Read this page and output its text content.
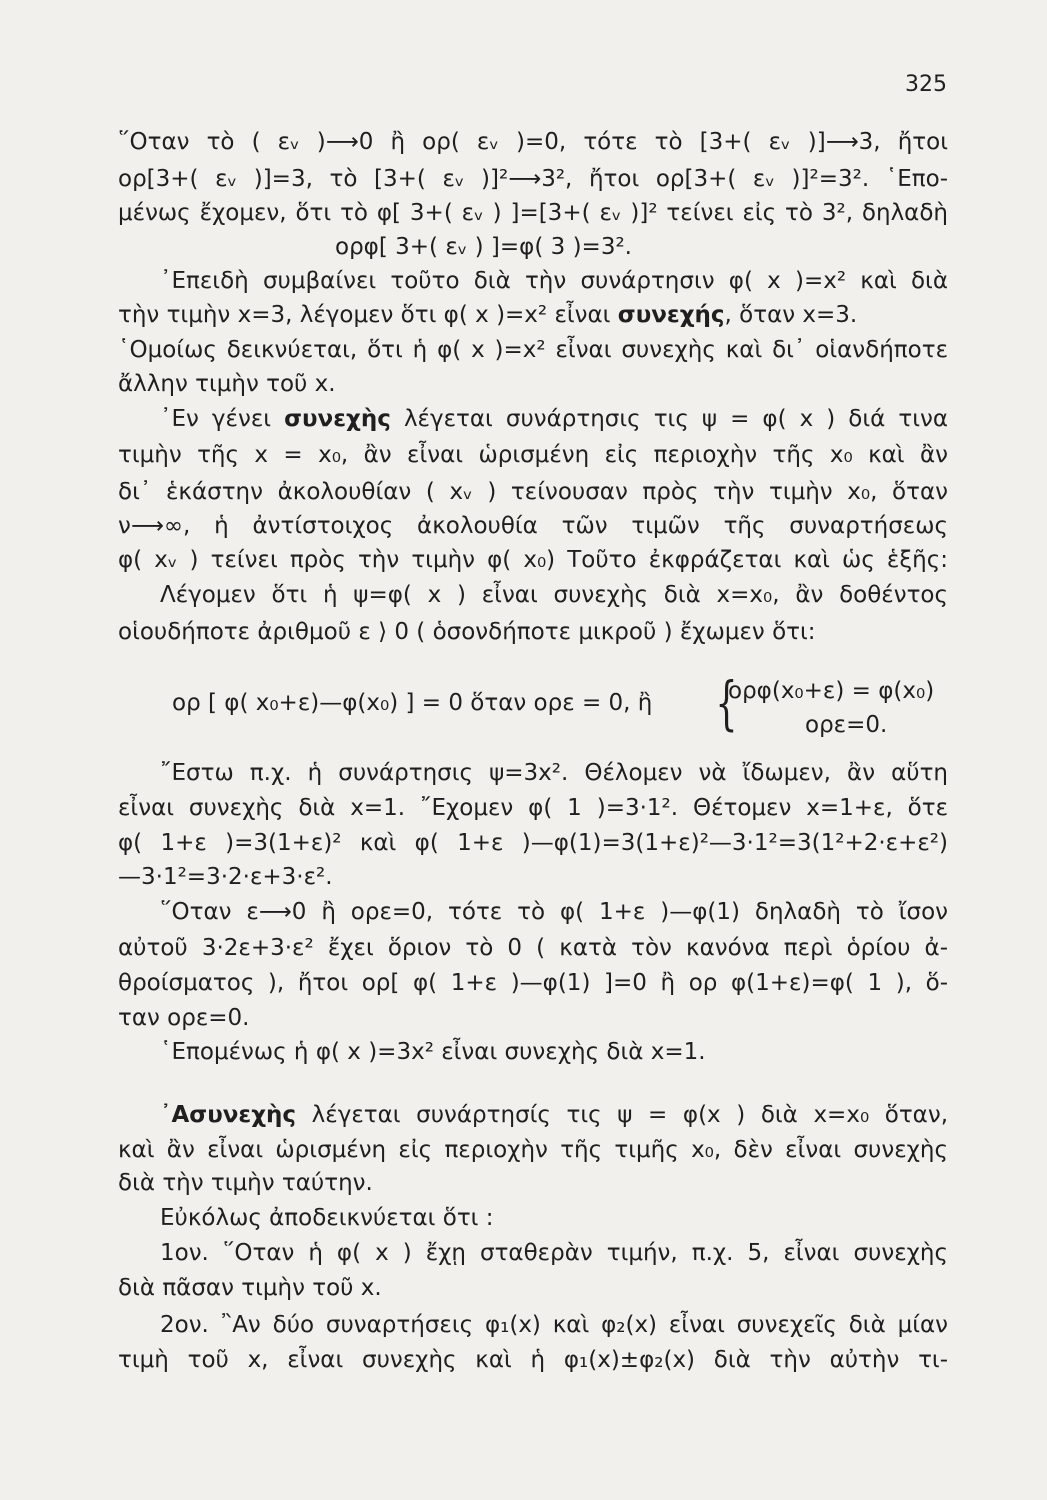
325
῞Οταν τὸ ( εᵥ )⟶0 ἢ ορ( εᵥ )=0, τότε τὸ [3+( εᵥ )]⟶3, ἤτοι
ορ[3+( εᵥ )]=3, τὸ [3+( εᵥ )]²⟶3², ἤτοι ορ[3+( εᵥ )]²=3². ῾Επο-
μένως ἔχομεν, ὅτι τὸ φ[ 3+( εᵥ ) ]=[3+( εᵥ )]² τείνει εἰς τὸ 3², δηλαδὴ
ορφ[ 3+( εᵥ ) ]=φ( 3 )=3².
᾿Επειδὴ συμβαίνει τοῦτο διὰ τὴν συνάρτησιν φ( x )=x² καὶ διὰ
τὴν τιμὴν x=3, λέγομεν ὅτι φ( x )=x² εἶναι συνεχής, ὅταν x=3.
῾Ομοίως δεικνύεται, ὅτι ἡ φ( x )=x² εἶναι συνεχὴς καὶ δι᾿ οἱανδήποτε
ἄλλην τιμὴν τοῦ x.
᾿Εν γένει συνεχὴς λέγεται συνάρτησις τις ψ = φ( x ) διά τινα
τιμὴν τῆς x = x₀, ἂν εἶναι ὡρισμένη εἰς περιοχὴν τῆς x₀ καὶ ἂν
δι᾿ ἑκάστην ἀκολουθίαν ( xᵥ ) τείνουσαν πρὸς τὴν τιμὴν x₀, ὅταν
ν⟶∞, ἡ ἀντίστοιχος ἀκολουθία τῶν τιμῶν τῆς συναρτήσεως
φ( xᵥ ) τείνει πρὸς τὴν τιμὴν φ( x₀) Τοῦτο ἐκφράζεται καὶ ὡς ἑξῆς:
Λέγομεν ὅτι ἡ ψ=φ( x ) εἶναι συνεχὴς διὰ x=x₀, ἂν δοθέντος
οἱουδήποτε ἀριθμοῦ ε ⟩ 0 ( ὁσονδήποτε μικροῦ ) ἔχωμεν ὅτι:
ορ [ φ( x₀+ε)—φ(x₀) ] = 0 ὅταν ορε = 0, ἢ {
ορφ(x₀+ε) = φ(x₀)
ορε=0.
῎Εστω π.χ. ἡ συνάρτησις ψ=3x². Θέλομεν νὰ ἴδωμεν, ἂν αὕτη
εἶναι συνεχὴς διὰ x=1. ῎Εχομεν φ( 1 )=3·1². Θέτομεν x=1+ε, ὅτε
φ( 1+ε )=3(1+ε)² καὶ φ( 1+ε )—φ(1)=3(1+ε)²—3·1²=3(1²+2·ε+ε²)
—3·1²=3·2·ε+3·ε².
῞Οταν ε⟶0 ἢ ορε=0, τότε τὸ φ( 1+ε )—φ(1) δηλαδὴ τὸ ἴσον
αὐτοῦ 3·2ε+3·ε² ἔχει ὅριον τὸ 0 ( κατὰ τὸν κανόνα περὶ ὁρίου ἀ-
θροίσματος ), ἤτοι ορ[ φ( 1+ε )—φ(1) ]=0 ἢ ορ φ(1+ε)=φ( 1 ), ὅ-
ταν ορε=0.
῾Επομένως ἡ φ( x )=3x² εἶναι συνεχὴς διὰ x=1.
᾿Ασυνεχὴς λέγεται συνάρτησίς τις ψ = φ(x ) διὰ x=x₀ ὅταν,
καὶ ἂν εἶναι ὡρισμένη εἰς περιοχὴν τῆς τιμῆς x₀, δὲν εἶναι συνεχὴς
διὰ τὴν τιμὴν ταύτην.
Εὐκόλως ἀποδεικνύεται ὅτι :
1ον. ῞Οταν ἡ φ( x ) ἔχῃ σταθερὰν τιμήν, π.χ. 5, εἶναι συνεχὴς
διὰ πᾶσαν τιμὴν τοῦ x.
2ον. ῍Αν δύο συναρτήσεις φ₁(x) καὶ φ₂(x) εἶναι συνεχεῖς διὰ μίαν
τιμὴ τοῦ x, εἶναι συνεχὴς καὶ ἡ φ₁(x)±φ₂(x) διὰ τὴν αὐτὴν τι-
